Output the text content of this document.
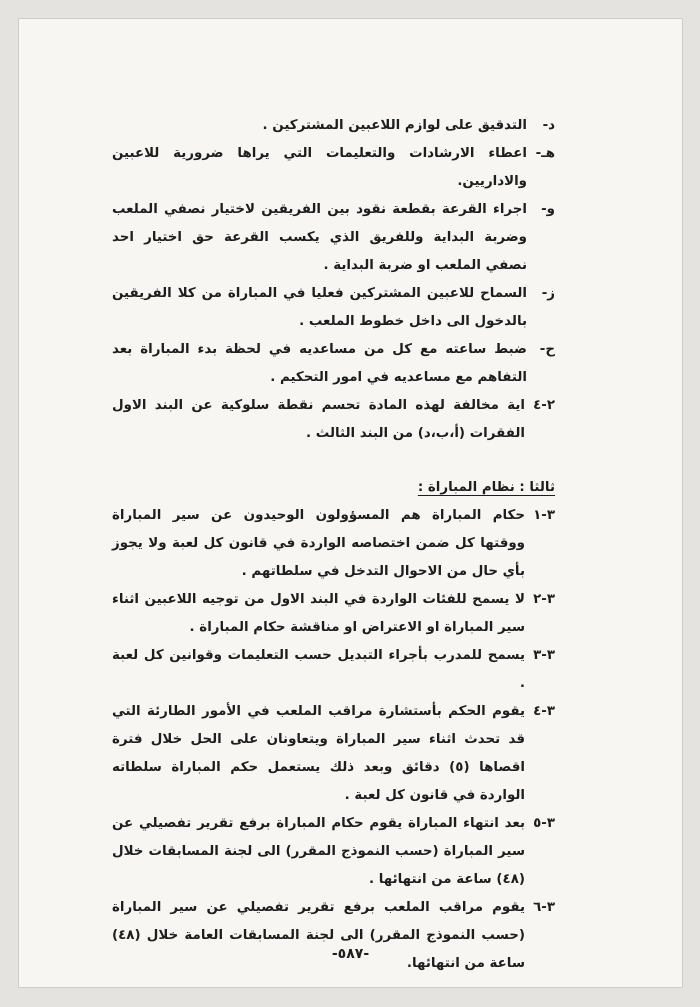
د-
التدقيق على لوازم اللاعبين المشتركين .
هـ-
اعطاء الارشادات والتعليمات التي يراها ضرورية للاعبين والاداريين.
و-
اجراء القرعة بقطعة نقود بين الفريقين لاختيار نصفي الملعب وضربة البداية وللفريق الذي يكسب القرعة حق اختيار احد نصفي الملعب او ضربة البداية .
ز-
السماح للاعبين المشتركين فعليا في المباراة من كلا الفريقين بالدخول الى داخل خطوط الملعب .
ح-
ضبط ساعته مع كل من مساعديه في لحظة بدء المباراة بعد التفاهم مع مساعديه في امور التحكيم .
٢-٤
اية مخالفة لهذه المادة تحسم نقطة سلوكية عن البند الاول الفقرات (أ،ب،د) من البند الثالث .
ثالثا : نظام المباراة :
٣-١
حكام المباراة هم المسؤولون الوحيدون عن سير المباراة ووقتها كل ضمن اختصاصه الواردة في قانون كل لعبة ولا يجوز بأي حال من الاحوال التدخل في سلطاتهم .
٣-٢
لا يسمح للفئات الواردة في البند الاول من توجيه اللاعبين اثناء سير المباراة او الاعتراض او مناقشة حكام المباراة .
٣-٣
يسمح للمدرب بأجراء التبديل حسب التعليمات وقوانين كل لعبة .
٣-٤
يقوم الحكم بأستشارة مراقب الملعب في الأمور الطارئة التي قد تحدث اثناء سير المباراة ويتعاونان على الحل خلال فترة اقصاها (٥) دقائق وبعد ذلك يستعمل حكم المباراة سلطاته الواردة في قانون كل لعبة .
٣-٥
بعد انتهاء المباراة يقوم حكام المباراة برفع تقرير تفصيلي عن سير المباراة (حسب النموذج المقرر) الى لجنة المسابقات خلال (٤٨) ساعة من انتهائها .
٣-٦
يقوم مراقب الملعب برفع تقرير تفصيلي عن سير المباراة (حسب النموذج المقرر) الى لجنة المسابقات العامة خلال (٤٨) ساعة من انتهائها.
-٥٨٧-
